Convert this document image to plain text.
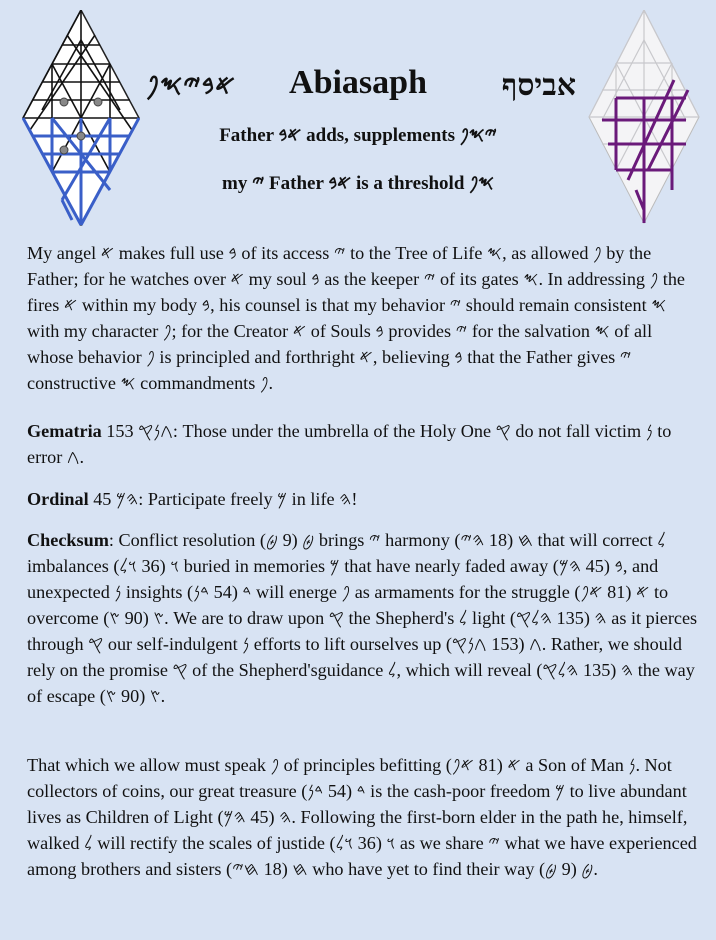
𐤀𐤁𐤉𐤎𐤐	Abiasaph	אביסף
Father 𐤀𐤁 adds, supplements 𐤉𐤎𐤐
my 𐤉 Father 𐤀𐤁 is a threshold 𐤎𐤐

My angel 𐤀 makes full use 𐤁 of its access 𐤉 to the Tree of Life 𐤎, as allowed 𐤐 by the Father; for he watches over 𐤀 my soul 𐤁 as the keeper 𐤉 of its gates 𐤎. In addressing 𐤐 the fires 𐤀 within my body 𐤁, his counsel is that my behavior 𐤉 should remain consistent 𐤎 with my character 𐤐; for the Creator 𐤀 of Souls 𐤁 provides 𐤉 for the salvation 𐤎 of all whose behavior 𐤐 is principled and forthright 𐤀, believing 𐤁 that the Father gives 𐤉 constructive 𐤎 commandments 𐤐.

Gematria 153 𐤂𐤍𐤒: Those under the umbrella of the Holy One 𐤒 do not fall victim 𐤍 to error 𐤂.

Ordinal 45 𐤄𐤌: Participate freely 𐤌 in life 𐤄!

Checksum: Conflict resolution 𐤈 (9 𐤈) brings 𐤉 harmony 𐤇 (18 𐤄𐤉) that will correct 𐤋 imbalances 𐤅 (36 𐤅𐤋) buried in memories 𐤌 that have nearly faded away 𐤁 (45 𐤄𐤌), and unexpected 𐤍 insights 𐤃 (54 𐤃𐤍) will energe 𐤐 as armaments for the struggle 𐤀 (81 𐤀𐤐) to overcome 𐤑 (90 𐤑). We are to draw upon 𐤒 the Shepherd's 𐤋 light 𐤄 (135 𐤄𐤋𐤒) as it pierces through 𐤒 our self-indulgent 𐤍 efforts to lift ourselves up 𐤂 (153 𐤂𐤍𐤒). Rather, we should rely on the promise 𐤒 of the Shepherd'sguidance 𐤋, which will reveal 𐤄 (135 𐤄𐤋𐤒) the way of escape 𐤑 (90 𐤑).

That which we allow must speak 𐤐 of principles befitting 𐤀 (81 𐤀𐤐) a Son of Man 𐤍. Not collectors of coins, our great treasure 𐤃 (54 𐤃𐤍) is the cash-poor freedom 𐤌 to live abundant lives as Children of Light 𐤄 (45 𐤄𐤌). Following the first-born elder in the path he, himself, walked 𐤋 will rectify the scales of justide 𐤅 (36 𐤅𐤋) as we share 𐤉 what we have experienced among brothers and sisters 𐤇 (18 𐤇𐤉) who have yet to find their way 𐤈 (9 𐤈).
